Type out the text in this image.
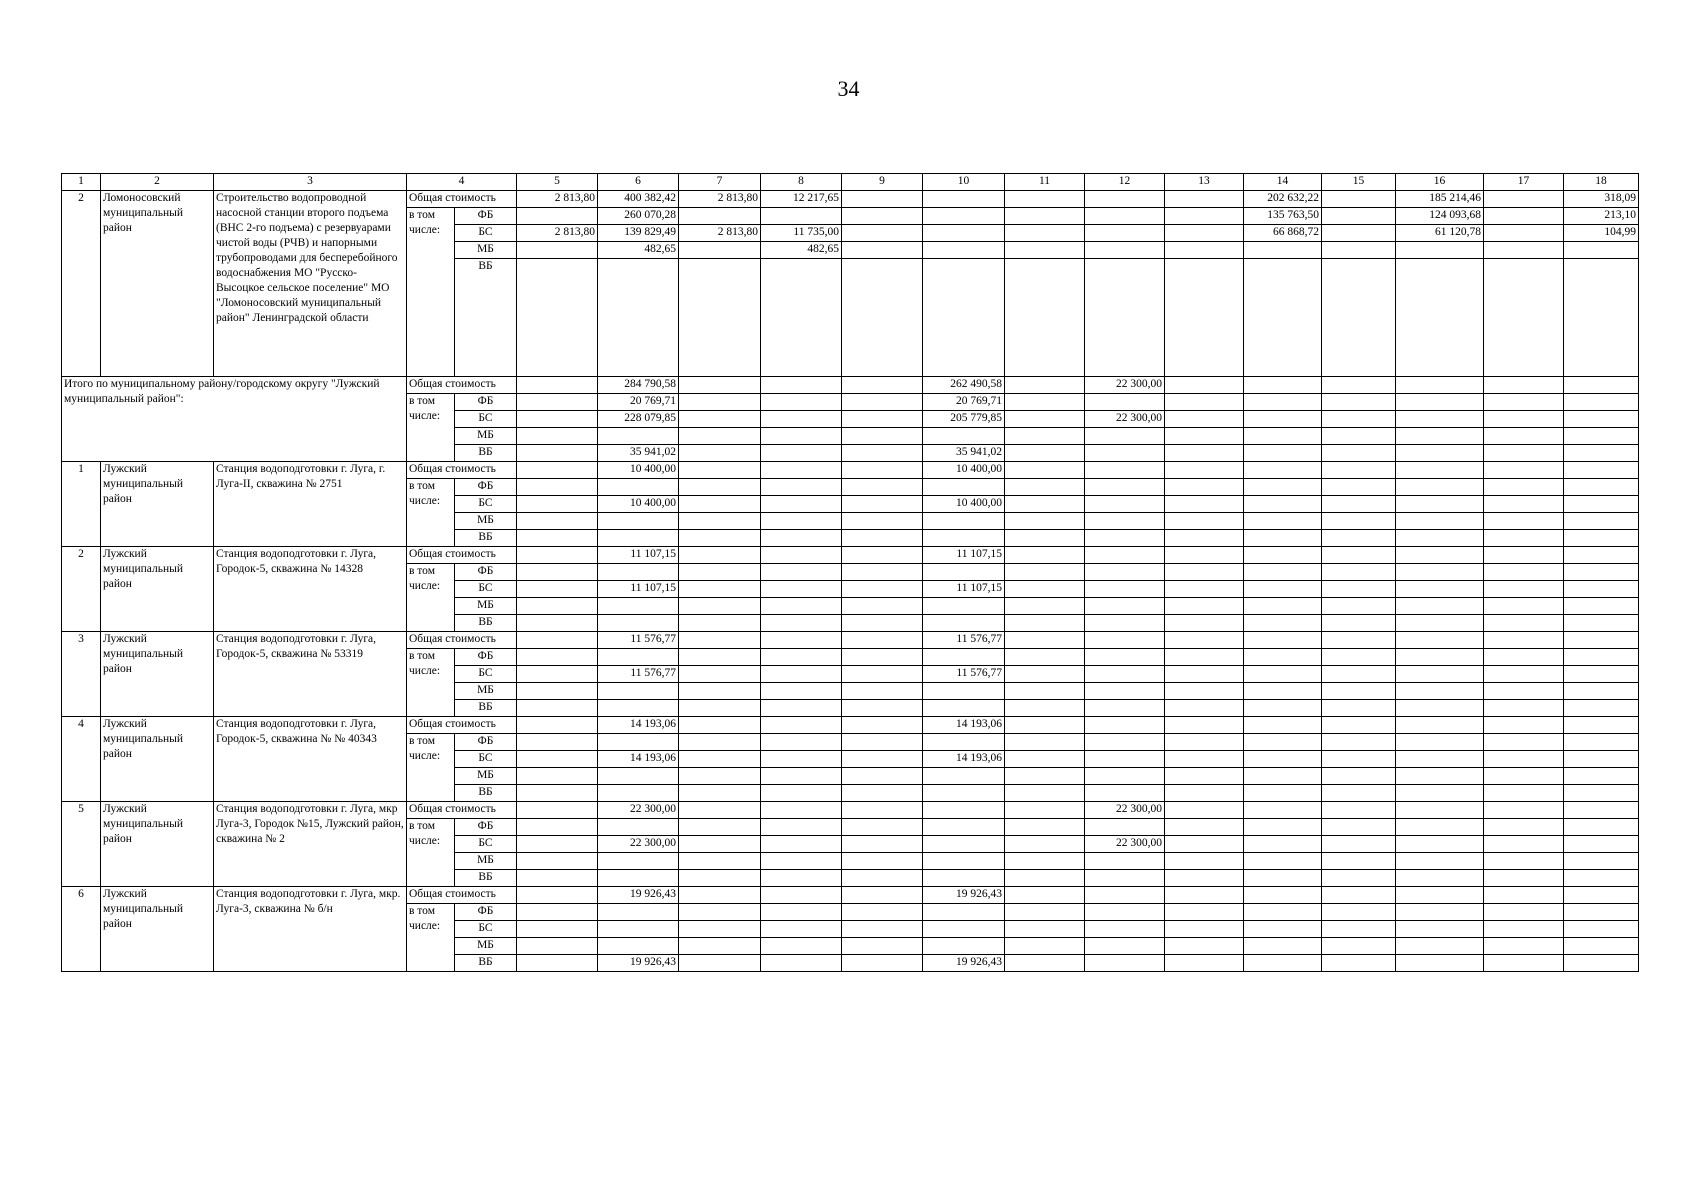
34
1	2	3	4		5	6	7	8	9	10	11	12	13	14	15	16	17	18
2	Ломоносовский муниципальный район	Строительство водопроводной насосной станции второго подъема (ВНС 2-го подъема) с резервуарами чистой воды (РЧВ) и напорными трубопроводами для бесперебойного водоснабжения МО "Русско-Высоцкое сельское поселение" МО "Ломоносовский муниципальный район" Ленинградской области	Общая стоимость		2 813,80	400 382,42	2 813,80	12 217,65						202 632,22		185 214,46		318,09
			в том числе:	ФБ		260 070,28								135 763,50		124 093,68		213,10
				БС	2 813,80	139 829,49	2 813,80	11 735,00						66 868,72		61 120,78		104,99
				МБ		482,65		482,65										
				ВБ														
Итого по муниципальному району/городскому округу "Лужский муниципальный район":			Общая стоимость			284 790,58				262 490,58		22 300,00						
			в том числе:	ФБ		20 769,71				20 769,71								
				БС		228 079,85				205 779,85		22 300,00						
				МБ														
				ВБ		35 941,02				35 941,02								
1	Лужский муниципальный район	Станция водоподготовки г. Луга, г. Луга-II, скважина № 2751	Общая стоимость			10 400,00				10 400,00								
			в том числе:	ФБ														
				БС		10 400,00				10 400,00								
				МБ														
				ВБ														
2	Лужский муниципальный район	Станция водоподготовки г. Луга, Городок-5, скважина № 14328	Общая стоимость			11 107,15				11 107,15								
			в том числе:	ФБ														
				БС		11 107,15				11 107,15								
				МБ														
				ВБ														
3	Лужский муниципальный район	Станция водоподготовки г. Луга, Городок-5, скважина № 53319	Общая стоимость			11 576,77				11 576,77								
			в том числе:	ФБ														
				БС		11 576,77				11 576,77								
				МБ														
				ВБ														
4	Лужский муниципальный район	Станция водоподготовки г. Луга, Городок-5, скважина № № 40343	Общая стоимость			14 193,06				14 193,06								
			в том числе:	ФБ														
				БС		14 193,06				14 193,06								
				МБ														
				ВБ														
5	Лужский муниципальный район	Станция водоподготовки г. Луга, мкр Луга-3, Городок №15, Лужский район, скважина № 2	Общая стоимость			22 300,00						22 300,00						
			в том числе:	ФБ														
				БС		22 300,00						22 300,00						
				МБ														
				ВБ														
6	Лужский муниципальный район	Станция водоподготовки г. Луга, мкр. Луга-3, скважина № б/н	Общая стоимость			19 926,43				19 926,43								
			в том числе:	ФБ														
				БС														
				МБ														
				ВБ		19 926,43				19 926,43								
